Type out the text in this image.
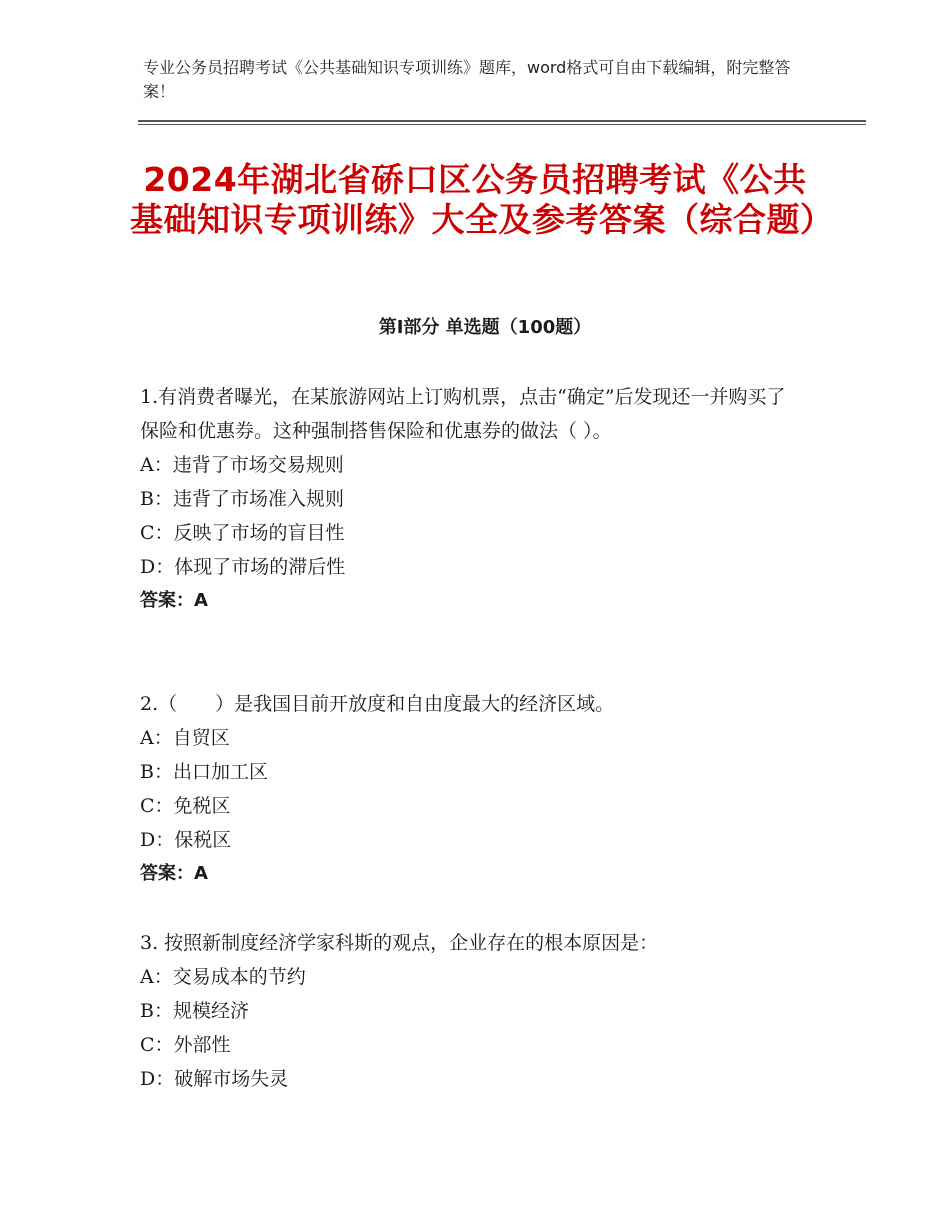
专业公务员招聘考试《公共基础知识专项训练》题库，word格式可自由下载编辑，附完整答案！
2024年湖北省硚口区公务员招聘考试《公共基础知识专项训练》大全及参考答案（综合题）
第Ⅰ部分 单选题（100题）
1.有消费者曝光，在某旅游网站上订购机票，点击“确定”后发现还一并购买了保险和优惠券。这种强制搭售保险和优惠券的做法（ ）。
A：违背了市场交易规则
B：违背了市场准入规则
C：反映了市场的盲目性
D：体现了市场的滞后性
答案：A
2.（　　）是我国目前开放度和自由度最大的经济区域。
A：自贸区
B：出口加工区
C：免税区
D：保税区
答案：A
3. 按照新制度经济学家科斯的观点，企业存在的根本原因是：
A：交易成本的节约
B：规模经济
C：外部性
D：破解市场失灵
